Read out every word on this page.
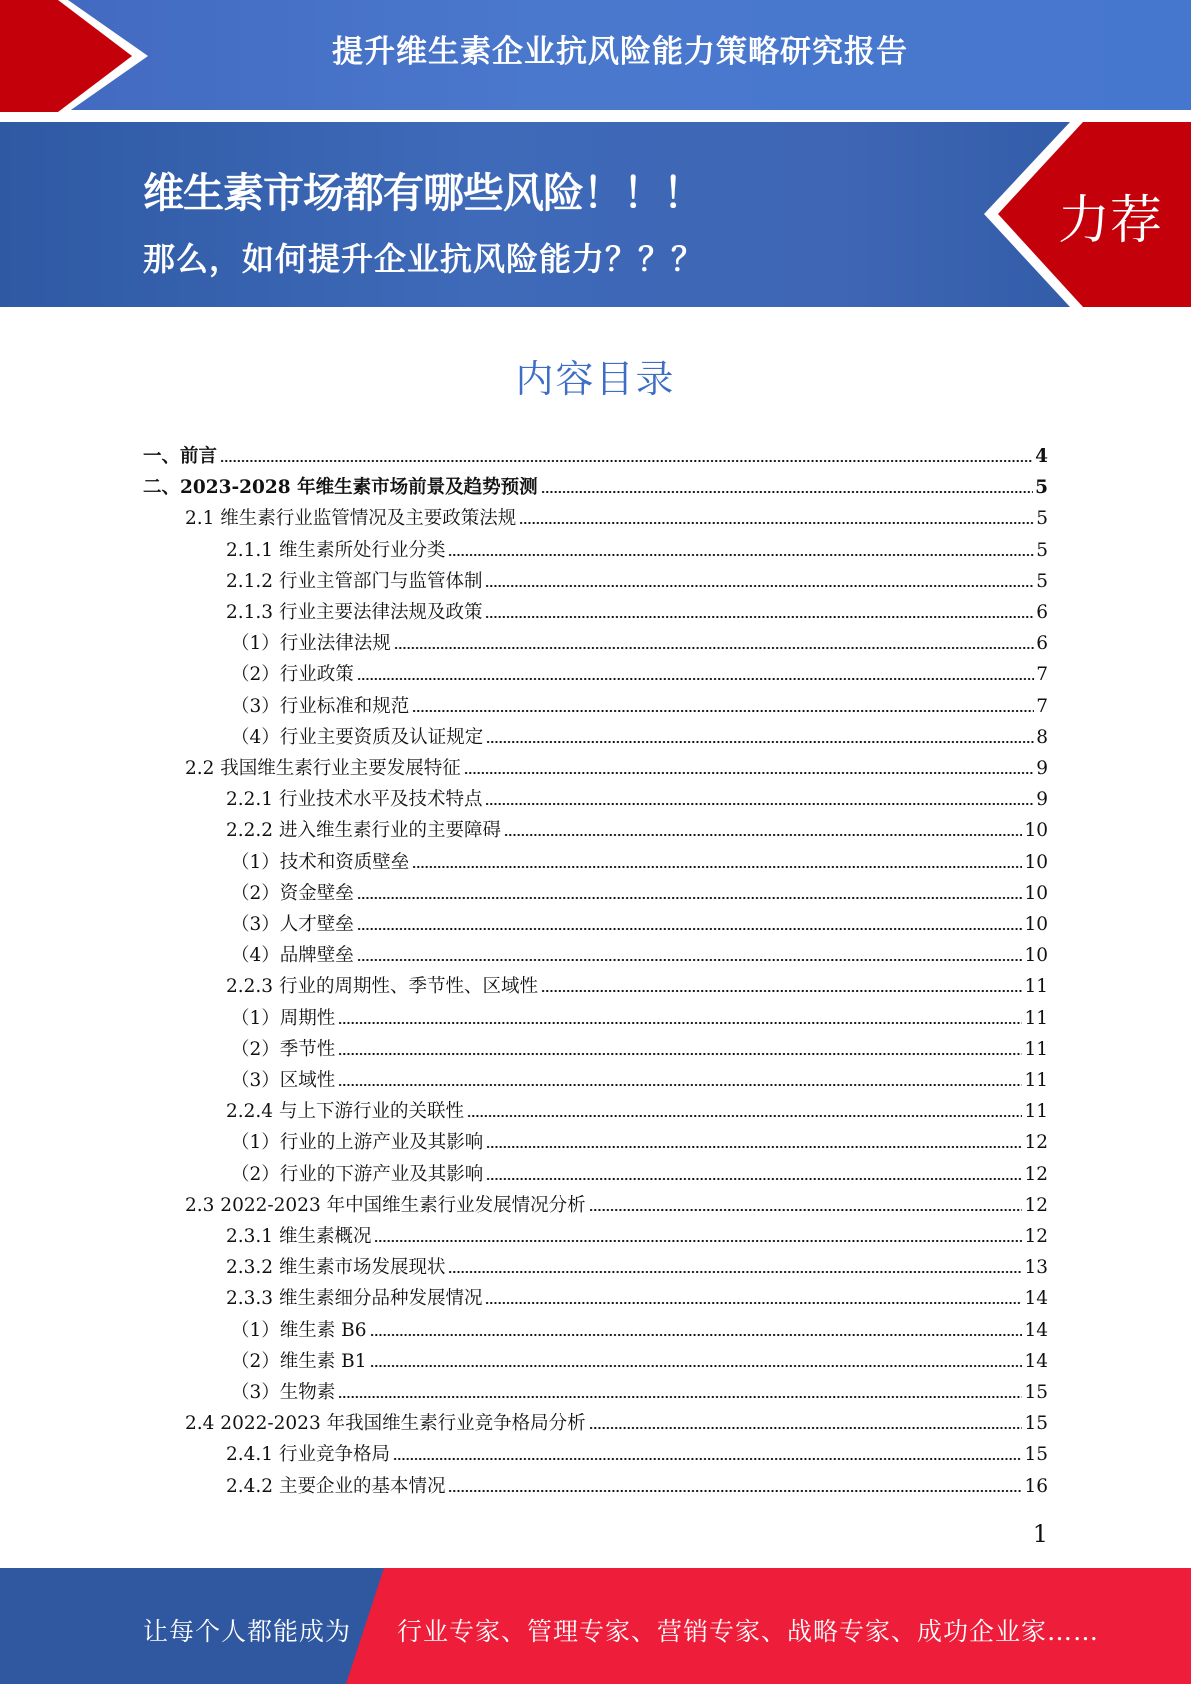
提升维生素企业抗风险能力策略研究报告
维生素市场都有哪些风险！！！
那么，如何提升企业抗风险能力？？？
力荐
内容目录
一、前言	4
二、2023-2028 年维生素市场前景及趋势预测	5
2.1 维生素行业监管情况及主要政策法规	5
2.1.1 维生素所处行业分类	5
2.1.2 行业主管部门与监管体制	5
2.1.3 行业主要法律法规及政策	6
（1）行业法律法规	6
（2）行业政策	7
（3）行业标准和规范	7
（4）行业主要资质及认证规定	8
2.2 我国维生素行业主要发展特征	9
2.2.1 行业技术水平及技术特点	9
2.2.2 进入维生素行业的主要障碍	10
（1）技术和资质壁垒	10
（2）资金壁垒	10
（3）人才壁垒	10
（4）品牌壁垒	10
2.2.3 行业的周期性、季节性、区域性	11
（1）周期性	11
（2）季节性	11
（3）区域性	11
2.2.4 与上下游行业的关联性	11
（1）行业的上游产业及其影响	12
（2）行业的下游产业及其影响	12
2.3 2022-2023 年中国维生素行业发展情况分析	12
2.3.1 维生素概况	12
2.3.2 维生素市场发展现状	13
2.3.3 维生素细分品种发展情况	14
（1）维生素 B6	14
（2）维生素 B1	14
（3）生物素	15
2.4 2022-2023 年我国维生素行业竞争格局分析	15
2.4.1 行业竞争格局	15
2.4.2 主要企业的基本情况	16
1
让每个人都能成为 行业专家、管理专家、营销专家、战略专家、成功企业家……
